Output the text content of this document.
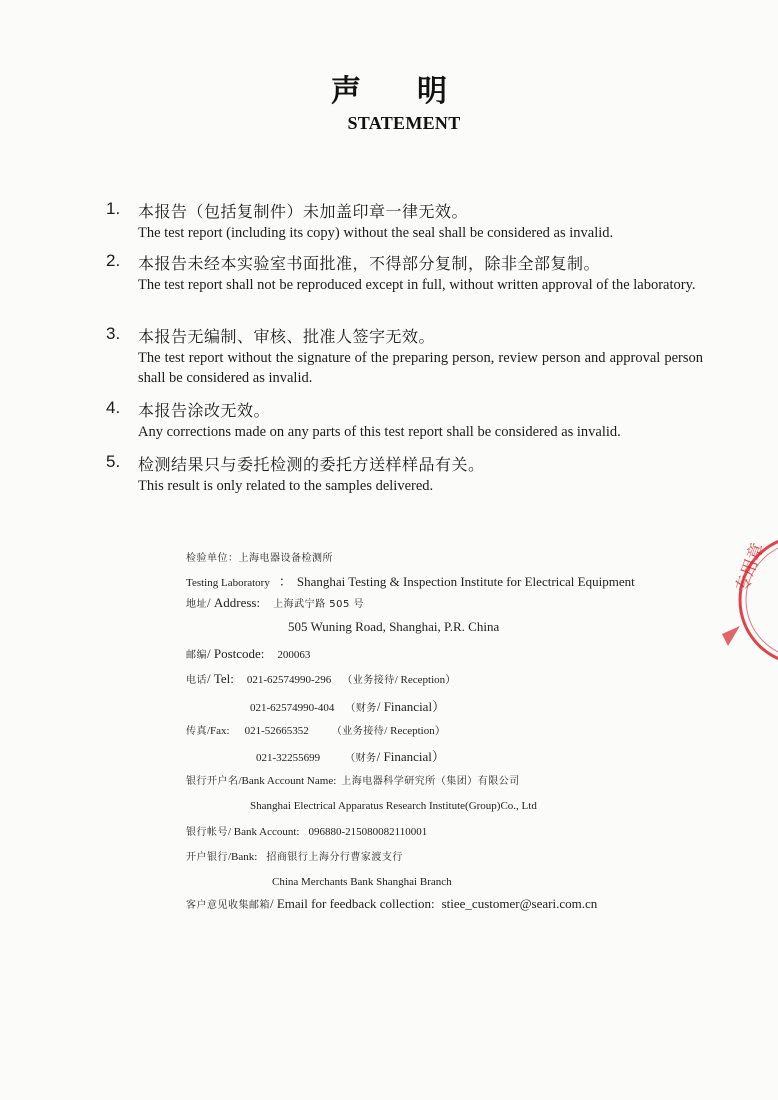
声明
STATEMENT
1. 本报告（包括复制件）未加盖印章一律无效。
The test report (including its copy) without the seal shall be considered as invalid.
2. 本报告未经本实验室书面批准，不得部分复制，除非全部复制。
The test report shall not be reproduced except in full, without written approval of the laboratory.
3. 本报告无编制、审核、批准人签字无效。
The test report without the signature of the preparing person, review person and approval person shall be considered as invalid.
4. 本报告涂改无效。
Any corrections made on any parts of this test report shall be considered as invalid.
5. 检测结果只与委托检测的委托方送样样品有关。
This result is only related to the samples delivered.
检验单位：上海电器设备检测所
Testing Laboratory ： Shanghai Testing & Inspection Institute for Electrical Equipment
地址/ Address: 上海武宁路 505 号
505 Wuning Road, Shanghai, P.R. China
邮编/ Postcode: 200063
电话/ Tel: 021-62574990-296 （业务接待/ Reception）
021-62574990-404 （财务/ Financial）
传真/Fax: 021-52665352 （业务接待/ Reception）
021-32255699	（财务/ Financial）
银行开户名/Bank Account Name: 上海电器科学研究所（集团）有限公司
Shanghai Electrical Apparatus Research Institute(Group)Co., Ltd
银行帐号/ Bank Account: 096880-215080082110001
开户银行/Bank: 招商银行上海分行曹家渡支行
China Merchants Bank Shanghai Branch
客户意见收集邮箱/ Email for feedback collection: stiee_customer@seari.com.cn
专用章
